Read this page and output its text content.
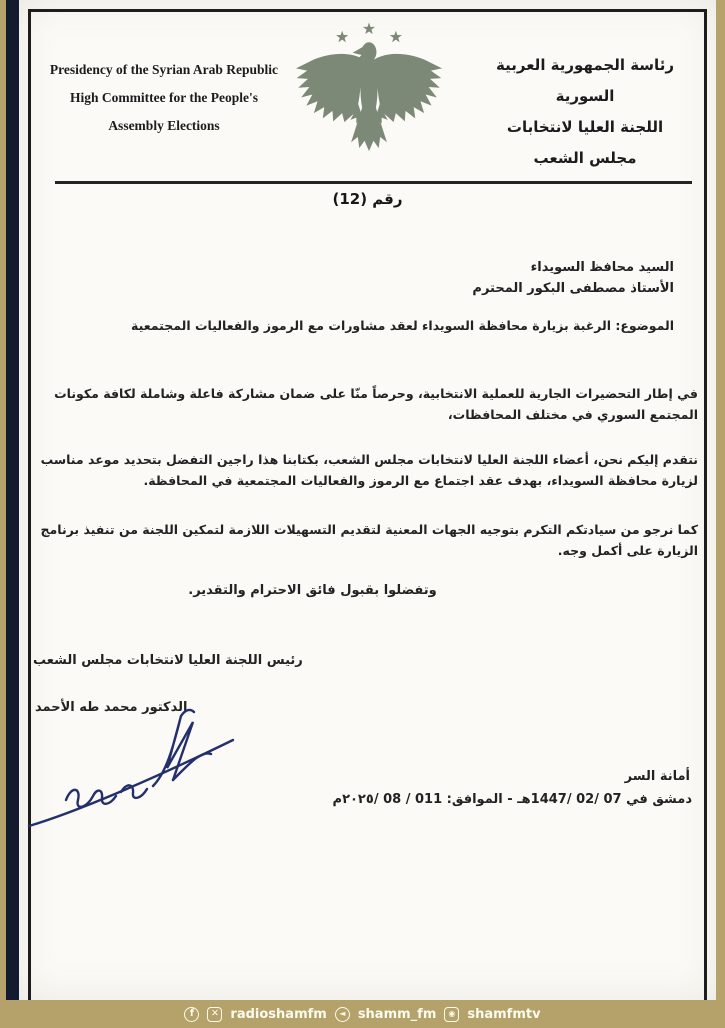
Presidency of the Syrian Arab Republic
High Committee for the People's
Assembly Elections
رئاسة الجمهورية العربية السورية
اللجنة العليا لانتخابات
مجلس الشعب
رقم (12)
السيد محافظ السويداء
الأستاذ مصطفى البكور المحترم
الموضوع: الرغبة بزيارة محافظة السويداء لعقد مشاورات مع الرموز والفعاليات المجتمعية
في إطار التحضيرات الجارية للعملية الانتخابية، وحرصاً منّا على ضمان مشاركة فاعلة وشاملة لكافة مكونات المجتمع السوري في مختلف المحافظات،
نتقدم إليكم نحن، أعضاء اللجنة العليا لانتخابات مجلس الشعب، بكتابنا هذا راجين التفضل بتحديد موعد مناسب لزيارة محافظة السويداء، بهدف عقد اجتماع مع الرموز والفعاليات المجتمعية في المحافظة.
كما نرجو من سيادتكم التكرم بتوجيه الجهات المعنية لتقديم التسهيلات اللازمة لتمكين اللجنة من تنفيذ برنامج الزيارة على أكمل وجه.
وتفضلوا بقبول فائق الاحترام والتقدير.
رئيس اللجنة العليا لانتخابات مجلس الشعب
الدكتور محمد طه الأحمد
أمانة السر
دمشق في 07 /02 /1447هـ - الموافق: 011 / 08 /٢٠٢٥م
f	✕ radioshamfm ◄ shamm_fm ◉ shamfmtv
